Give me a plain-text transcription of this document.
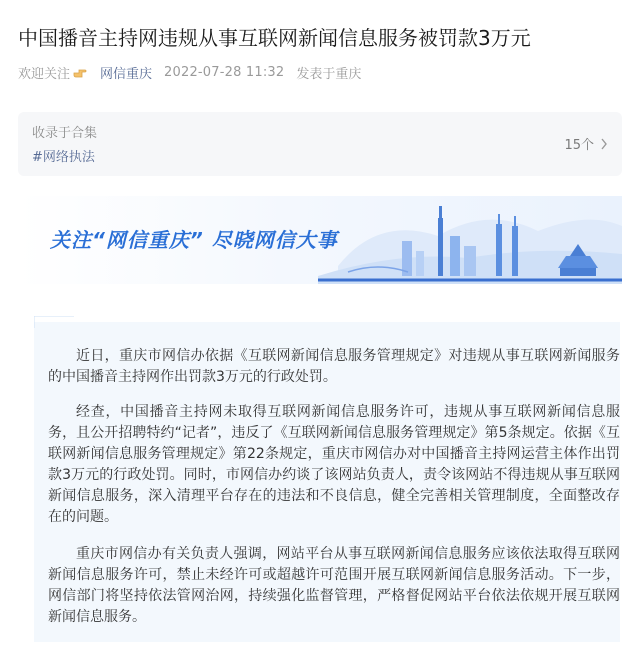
中国播音主持网违规从事互联网新闻信息服务被罚款3万元
欢迎关注 网信重庆 2022-07-28 11:32 发表于重庆
收录于合集
#网络执法
15个
关注“网信重庆” 尽晓网信大事

近日，重庆市网信办依据《互联网新闻信息服务管理规定》对违规从事互联网新闻服务的中国播音主持网作出罚款3万元的行政处罚。

经查，中国播音主持网未取得互联网新闻信息服务许可，违规从事互联网新闻信息服务，且公开招聘特约“记者”，违反了《互联网新闻信息服务管理规定》第5条规定。依据《互联网新闻信息服务管理规定》第22条规定，重庆市网信办对中国播音主持网运营主体作出罚款3万元的行政处罚。同时，市网信办约谈了该网站负责人，责令该网站不得违规从事互联网新闻信息服务，深入清理平台存在的违法和不良信息，健全完善相关管理制度，全面整改存在的问题。

重庆市网信办有关负责人强调，网站平台从事互联网新闻信息服务应该依法取得互联网新闻信息服务许可，禁止未经许可或超越许可范围开展互联网新闻信息服务活动。下一步，网信部门将坚持依法管网治网，持续强化监督管理，严格督促网站平台依法依规开展互联网新闻信息服务。
